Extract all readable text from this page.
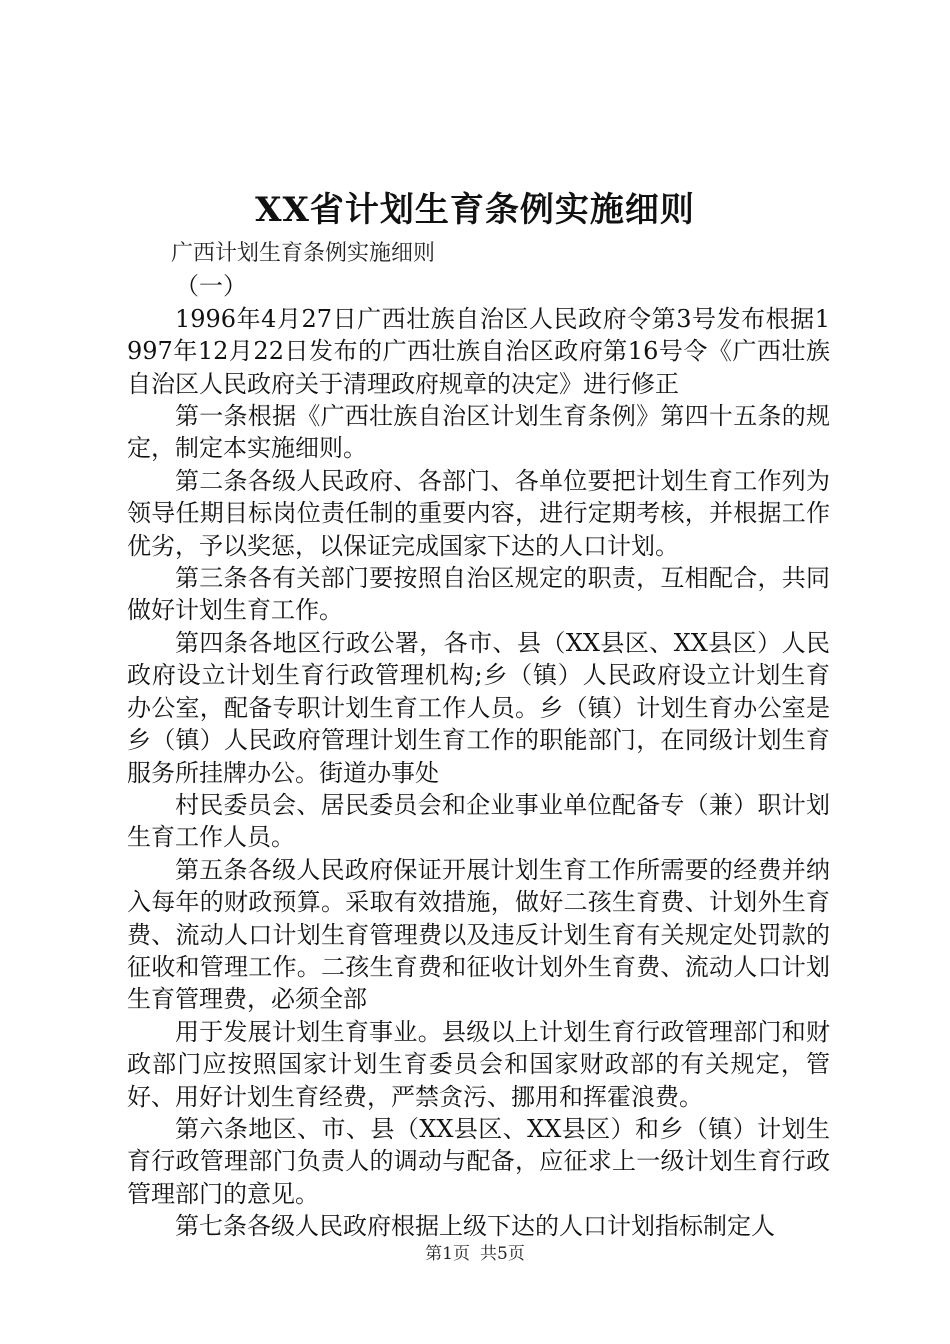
XX省计划生育条例实施细则

广西计划生育条例实施细则

（一）

1996年4月27日广西壮族自治区人民政府令第3号发布根据1997年12月22日发布的广西壮族自治区政府第16号令《广西壮族自治区人民政府关于清理政府规章的决定》进行修正

第一条根据《广西壮族自治区计划生育条例》第四十五条的规定，制定本实施细则。

第二条各级人民政府、各部门、各单位要把计划生育工作列为领导任期目标岗位责任制的重要内容，进行定期考核，并根据工作优劣，予以奖惩，以保证完成国家下达的人口计划。

第三条各有关部门要按照自治区规定的职责，互相配合，共同做好计划生育工作。

第四条各地区行政公署，各市、县（XX县区、XX县区）人民政府设立计划生育行政管理机构;乡（镇）人民政府设立计划生育办公室，配备专职计划生育工作人员。乡（镇）计划生育办公室是乡（镇）人民政府管理计划生育工作的职能部门，在同级计划生育服务所挂牌办公。街道办事处

村民委员会、居民委员会和企业事业单位配备专（兼）职计划生育工作人员。

第五条各级人民政府保证开展计划生育工作所需要的经费并纳入每年的财政预算。采取有效措施，做好二孩生育费、计划外生育费、流动人口计划生育管理费以及违反计划生育有关规定处罚款的征收和管理工作。二孩生育费和征收计划外生育费、流动人口计划生育管理费，必须全部

用于发展计划生育事业。县级以上计划生育行政管理部门和财政部门应按照国家计划生育委员会和国家财政部的有关规定，管好、用好计划生育经费，严禁贪污、挪用和挥霍浪费。

第六条地区、市、县（XX县区、XX县区）和乡（镇）计划生育行政管理部门负责人的调动与配备，应征求上一级计划生育行政管理部门的意见。

第七条各级人民政府根据上级下达的人口计划指标制定人

第1页 共5页
